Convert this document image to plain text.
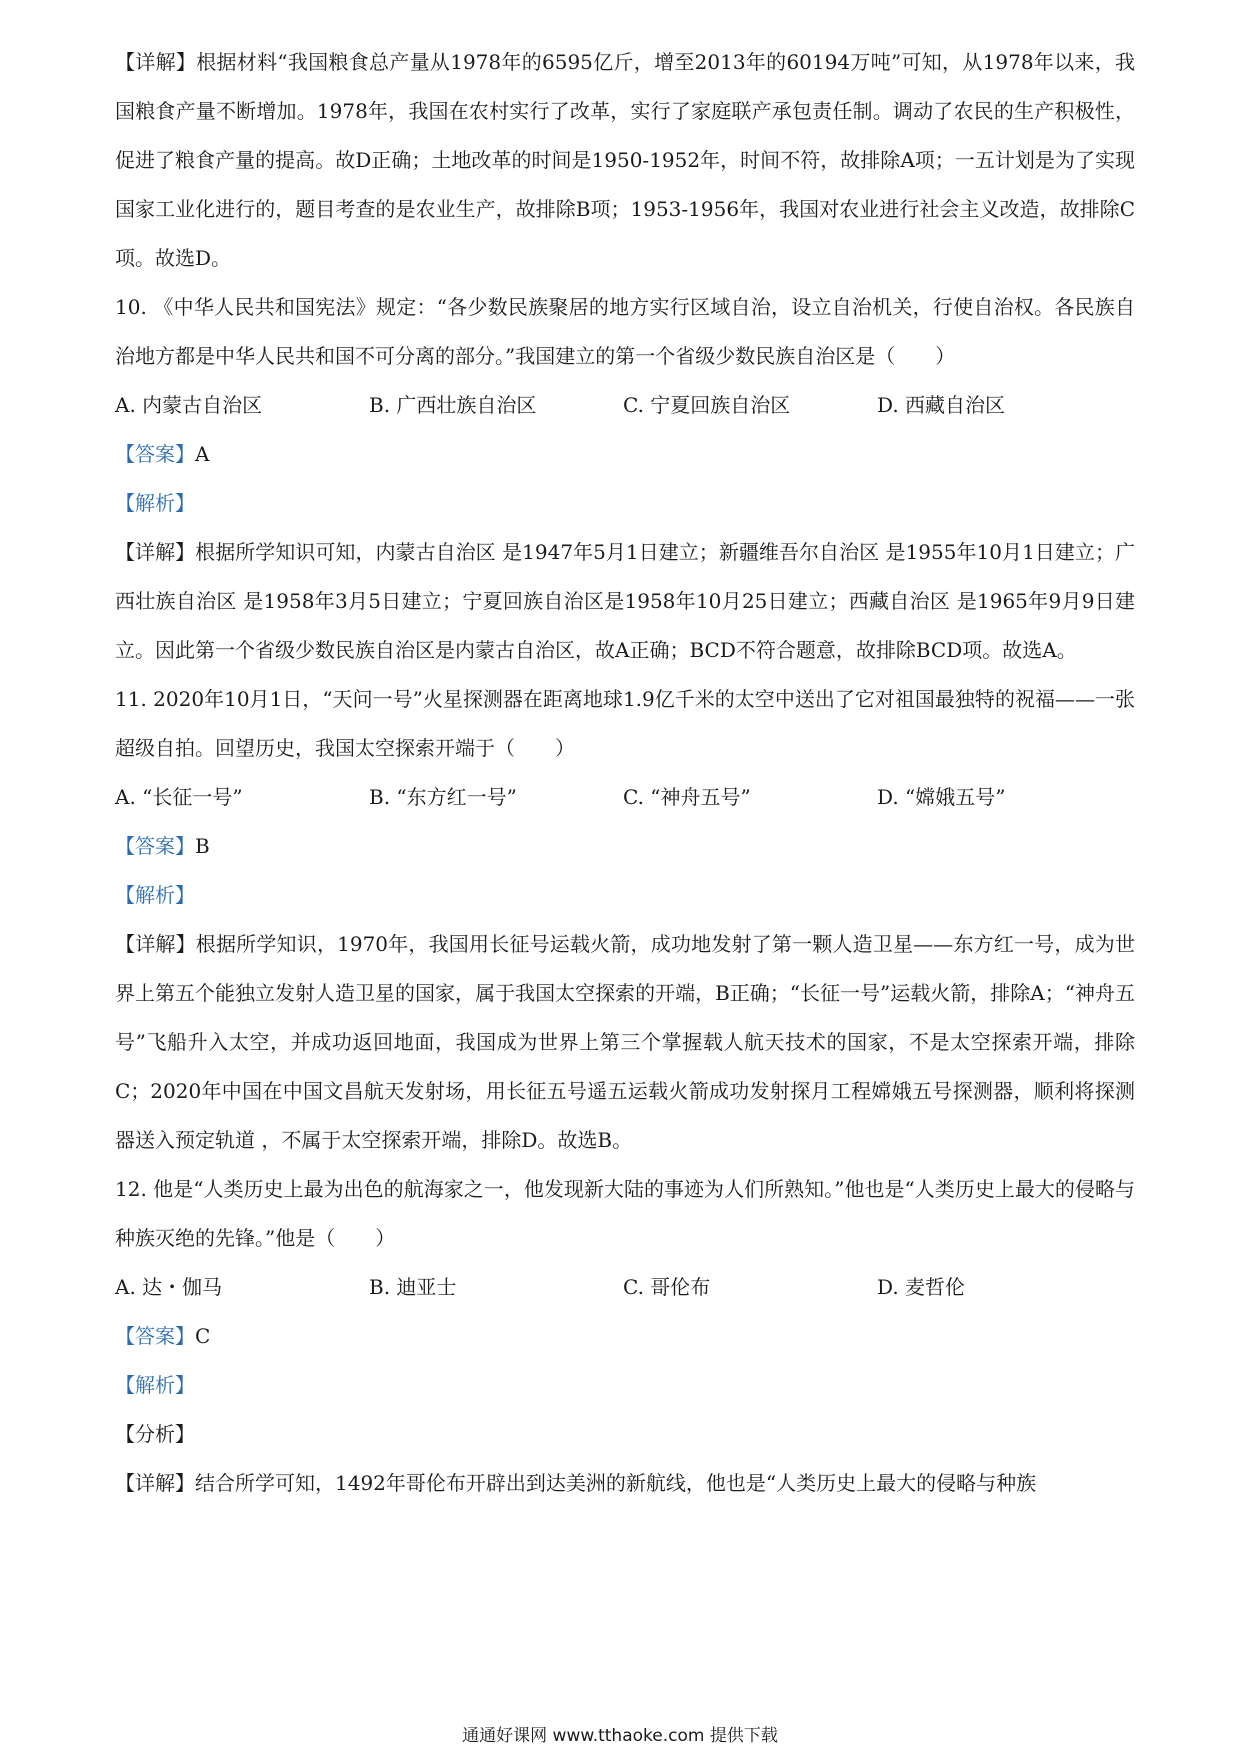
【详解】根据材料“我国粮食总产量从1978年的6595亿斤，增至2013年的60194万吨”可知，从1978年以来，我国粮食产量不断增加。1978年，我国在农村实行了改革，实行了家庭联产承包责任制。调动了农民的生产积极性，促进了粮食产量的提高。故D正确；土地改革的时间是1950-1952年，时间不符，故排除A项；一五计划是为了实现国家工业化进行的，题目考查的是农业生产，故排除B项；1953-1956年，我国对农业进行社会主义改造，故排除C项。故选D。

10. 《中华人民共和国宪法》规定：“各少数民族聚居的地方实行区域自治，设立自治机关，行使自治权。各民族自治地方都是中华人民共和国不可分离的部分。”我国建立的第一个省级少数民族自治区是（　　）

A. 内蒙古自治区	B. 广西壮族自治区	C. 宁夏回族自治区	D. 西藏自治区

【答案】A

【解析】

【详解】根据所学知识可知，内蒙古自治区 是1947年5月1日建立；新疆维吾尔自治区 是1955年10月1日建立；广西壮族自治区 是1958年3月5日建立；宁夏回族自治区是1958年10月25日建立；西藏自治区 是1965年9月9日建立。因此第一个省级少数民族自治区是内蒙古自治区，故A正确；BCD不符合题意，故排除BCD项。故选A。

11. 2020年10月1日，“天问一号”火星探测器在距离地球1.9亿千米的太空中送出了它对祖国最独特的祝福——一张超级自拍。回望历史，我国太空探索开端于（　　）

A. “长征一号”	B. “东方红一号”	C. “神舟五号”	D. “嫦娥五号”

【答案】B

【解析】

【详解】根据所学知识，1970年，我国用长征号运载火箭，成功地发射了第一颗人造卫星——东方红一号，成为世界上第五个能独立发射人造卫星的国家，属于我国太空探索的开端，B正确；“长征一号”运载火箭，排除A；“神舟五号”飞船升入太空，并成功返回地面，我国成为世界上第三个掌握载人航天技术的国家，不是太空探索开端，排除C；2020年中国在中国文昌航天发射场，用长征五号遥五运载火箭成功发射探月工程嫦娥五号探测器，顺利将探测器送入预定轨道 ，不属于太空探索开端，排除D。故选B。

12. 他是“人类历史上最为出色的航海家之一，他发现新大陆的事迹为人们所熟知。”他也是“人类历史上最大的侵略与种族灭绝的先锋。”他是（　　）

A. 达・伽马	B. 迪亚士	C. 哥伦布	D. 麦哲伦

【答案】C

【解析】

【分析】

【详解】结合所学可知，1492年哥伦布开辟出到达美洲的新航线，他也是“人类历史上最大的侵略与种族

通通好课网 www.tthaoke.com 提供下载
